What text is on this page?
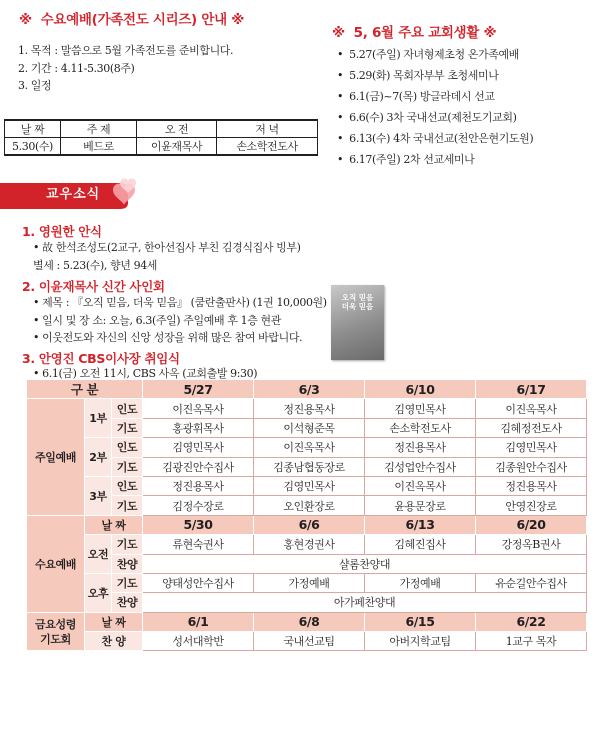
※ 수요예배(가족전도 시리즈) 안내 ※
1. 목적 : 말씀으로 5월 가족전도를 준비합니다.
2. 기간 : 4.11-5.30(8주)
3. 일정
날 짜	주 제	오 전	저 녁
5.30(수)	베드로	이윤재목사	손소학전도사
※ 5, 6월 주요 교회생활 ※
• 5.27(주일) 자녀형제초청 온가족예배
• 5.29(화) 목회자부부 초청세미나
• 6.1(금)~7(목) 방글라데시 선교
• 6.6(수) 3차 국내선교(제천도기교회)
• 6.13(수) 4차 국내선교(천안은현기도원)
• 6.17(주일) 2차 선교세미나
교우소식
1. 영원한 안식
• 故 한석조성도(2교구, 한아선집사 부친 김경식집사 빙부)
별세 : 5.23(수), 향년 94세
2. 이윤재목사 신간 사인회
• 제목 : 『오직 믿음, 더욱 믿음』 (쿰란출판사) (1권 10,000원)
• 일시 및 장 소: 오늘, 6.3(주일) 주일예배 후 1층 현관
• 이웃전도와 자신의 신앙 성장을 위해 많은 참여 바랍니다.
3. 안영진 CBS이사장 취임식
• 6.1(금) 오전 11시, CBS 사옥 (교회출발 9:30)
오직 믿음
더욱 믿음
구 분			5/27	6/3	6/10	6/17
주일예배	1부	인도	이진옥목사	정진용목사	김영민목사	이진옥목사
		기도	홍광휘목사	이석형준목	손소학전도사	김혜정전도사
	2부	인도	김영민목사	이진옥목사	정진용목사	김영민목사
		기도	김광진안수집사	김종남협동장로	김성업안수집사	김종원안수집사
	3부	인도	정진용목사	김영민목사	이진옥목사	정진용목사
		기도	김정수장로	오인환장로	윤용문장로	안영진장로
수요예배	날 짜		5/30	6/6	6/13	6/20
	오전	기도	류현숙권사	홍현경권사	김혜진집사	강정옥B권사
		찬양	샬롬찬양대			
	오후	기도	양태성안수집사	가정예배	가정예배	유순길안수집사
		찬양	아가페찬양대			

금요성령
기도회	날 짜		6/1	6/8	6/15	6/22
	찬 양		성서대학반	국내선교팀	아버지학교팀	1교구 목자
